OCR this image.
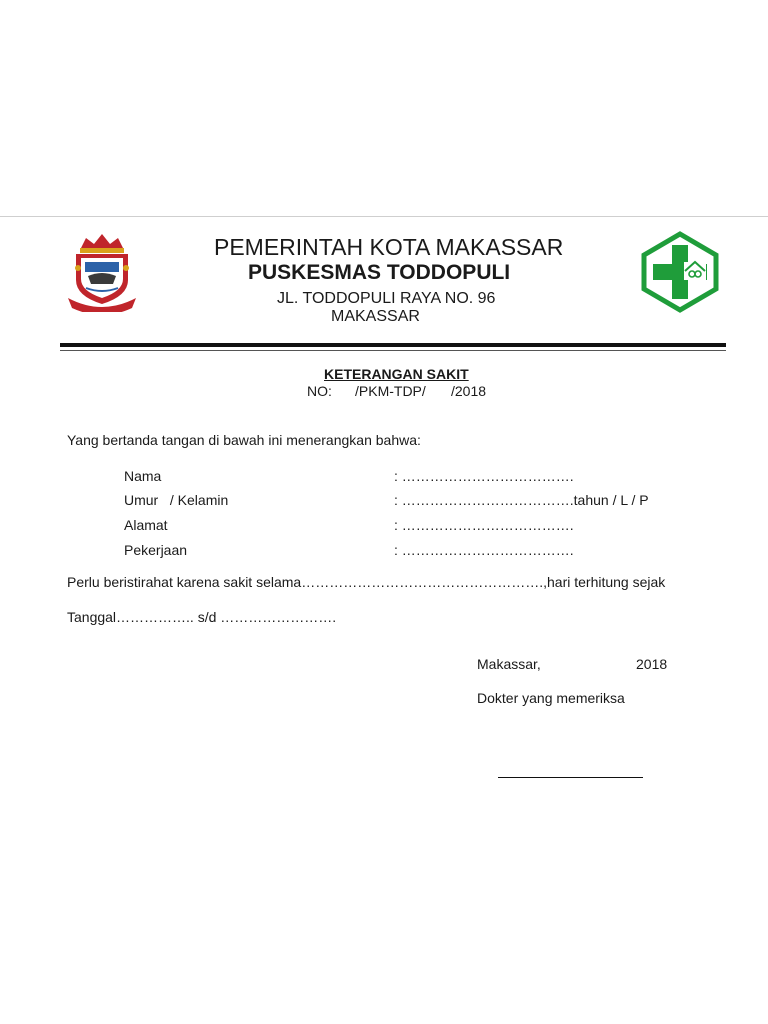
PEMERINTAH KOTA MAKASSAR
PUSKESMAS TODDOPULI
JL. TODDOPULI RAYA NO. 96
MAKASSAR
KETERANGAN SAKIT
NO: /PKM-TDP/ /2018
Yang bertanda tangan di bawah ini menerangkan bahwa:
Nama	: ……………………………….
Umur   / Kelamin	: ……………………………….tahun / L / P
Alamat	: ……………………………….
Pekerjaan	: ……………………………….
Perlu beristirahat karena sakit selama…………………………………………….,hari terhitung sejak
Tanggal…………….. s/d …………………….
Makassar,	2018
Dokter yang memeriksa
